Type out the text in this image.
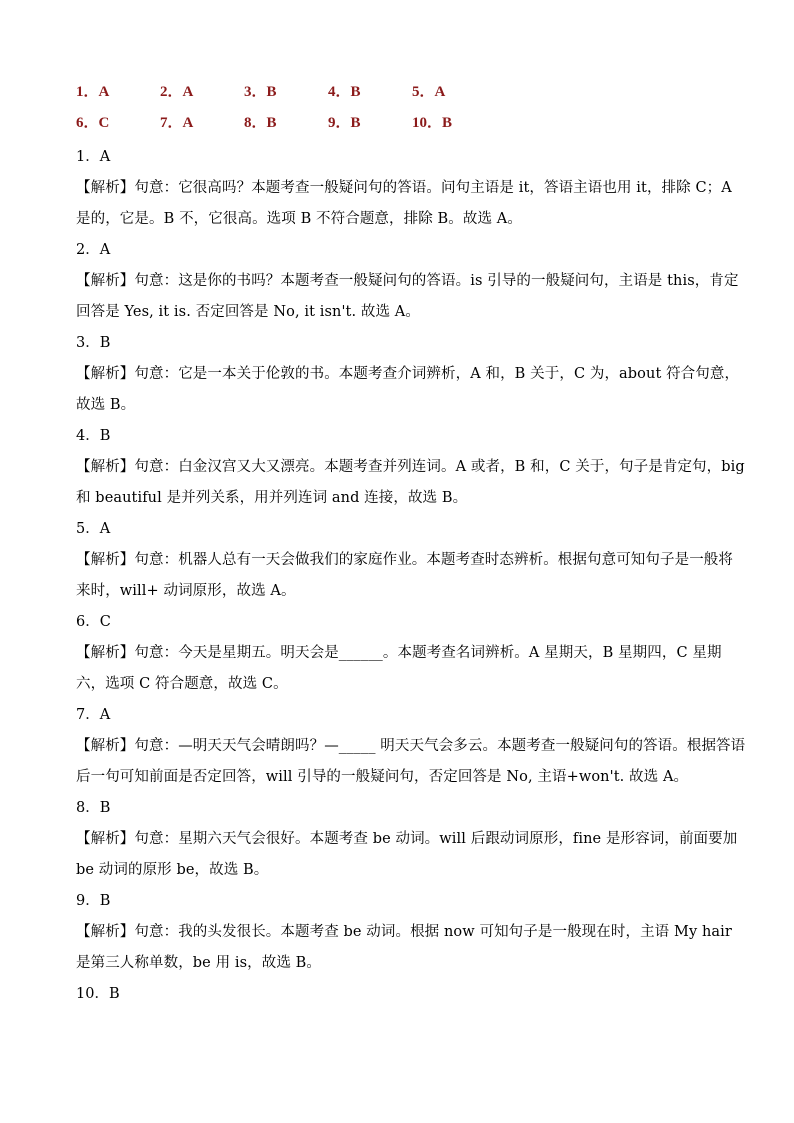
1．A	2．A	3．B	4．B	5．A
6．C	7．A	8．B	9．B	10．B
1．A

【解析】句意：它很高吗？本题考查一般疑问句的答语。问句主语是 it，答语主语也用 it，排除 C；A 是的，它是。B 不，它很高。选项 B 不符合题意，排除 B。故选 A。

2．A

【解析】句意：这是你的书吗？本题考查一般疑问句的答语。is 引导的一般疑问句，主语是 this，肯定回答是 Yes, it is. 否定回答是 No, it isn't. 故选 A。

3．B

【解析】句意：它是一本关于伦敦的书。本题考查介词辨析，A 和，B 关于，C 为，about 符合句意，故选 B。

4．B

【解析】句意：白金汉宫又大又漂亮。本题考查并列连词。A 或者，B 和，C 关于，句子是肯定句，big 和 beautiful 是并列关系，用并列连词 and 连接，故选 B。

5．A

【解析】句意：机器人总有一天会做我们的家庭作业。本题考查时态辨析。根据句意可知句子是一般将来时，will+ 动词原形，故选 A。

6．C

【解析】句意：今天是星期五。明天会是______。本题考查名词辨析。A 星期天，B 星期四，C 星期六，选项 C 符合题意，故选 C。

7．A

【解析】句意：—明天天气会晴朗吗？—_____ 明天天气会多云。本题考查一般疑问句的答语。根据答语后一句可知前面是否定回答，will 引导的一般疑问句，否定回答是 No, 主语+won't. 故选 A。

8．B

【解析】句意：星期六天气会很好。本题考查 be 动词。will 后跟动词原形，fine 是形容词，前面要加 be 动词的原形 be，故选 B。

9．B

【解析】句意：我的头发很长。本题考查 be 动词。根据 now 可知句子是一般现在时，主语 My hair 是第三人称单数，be 用 is，故选 B。

10．B
